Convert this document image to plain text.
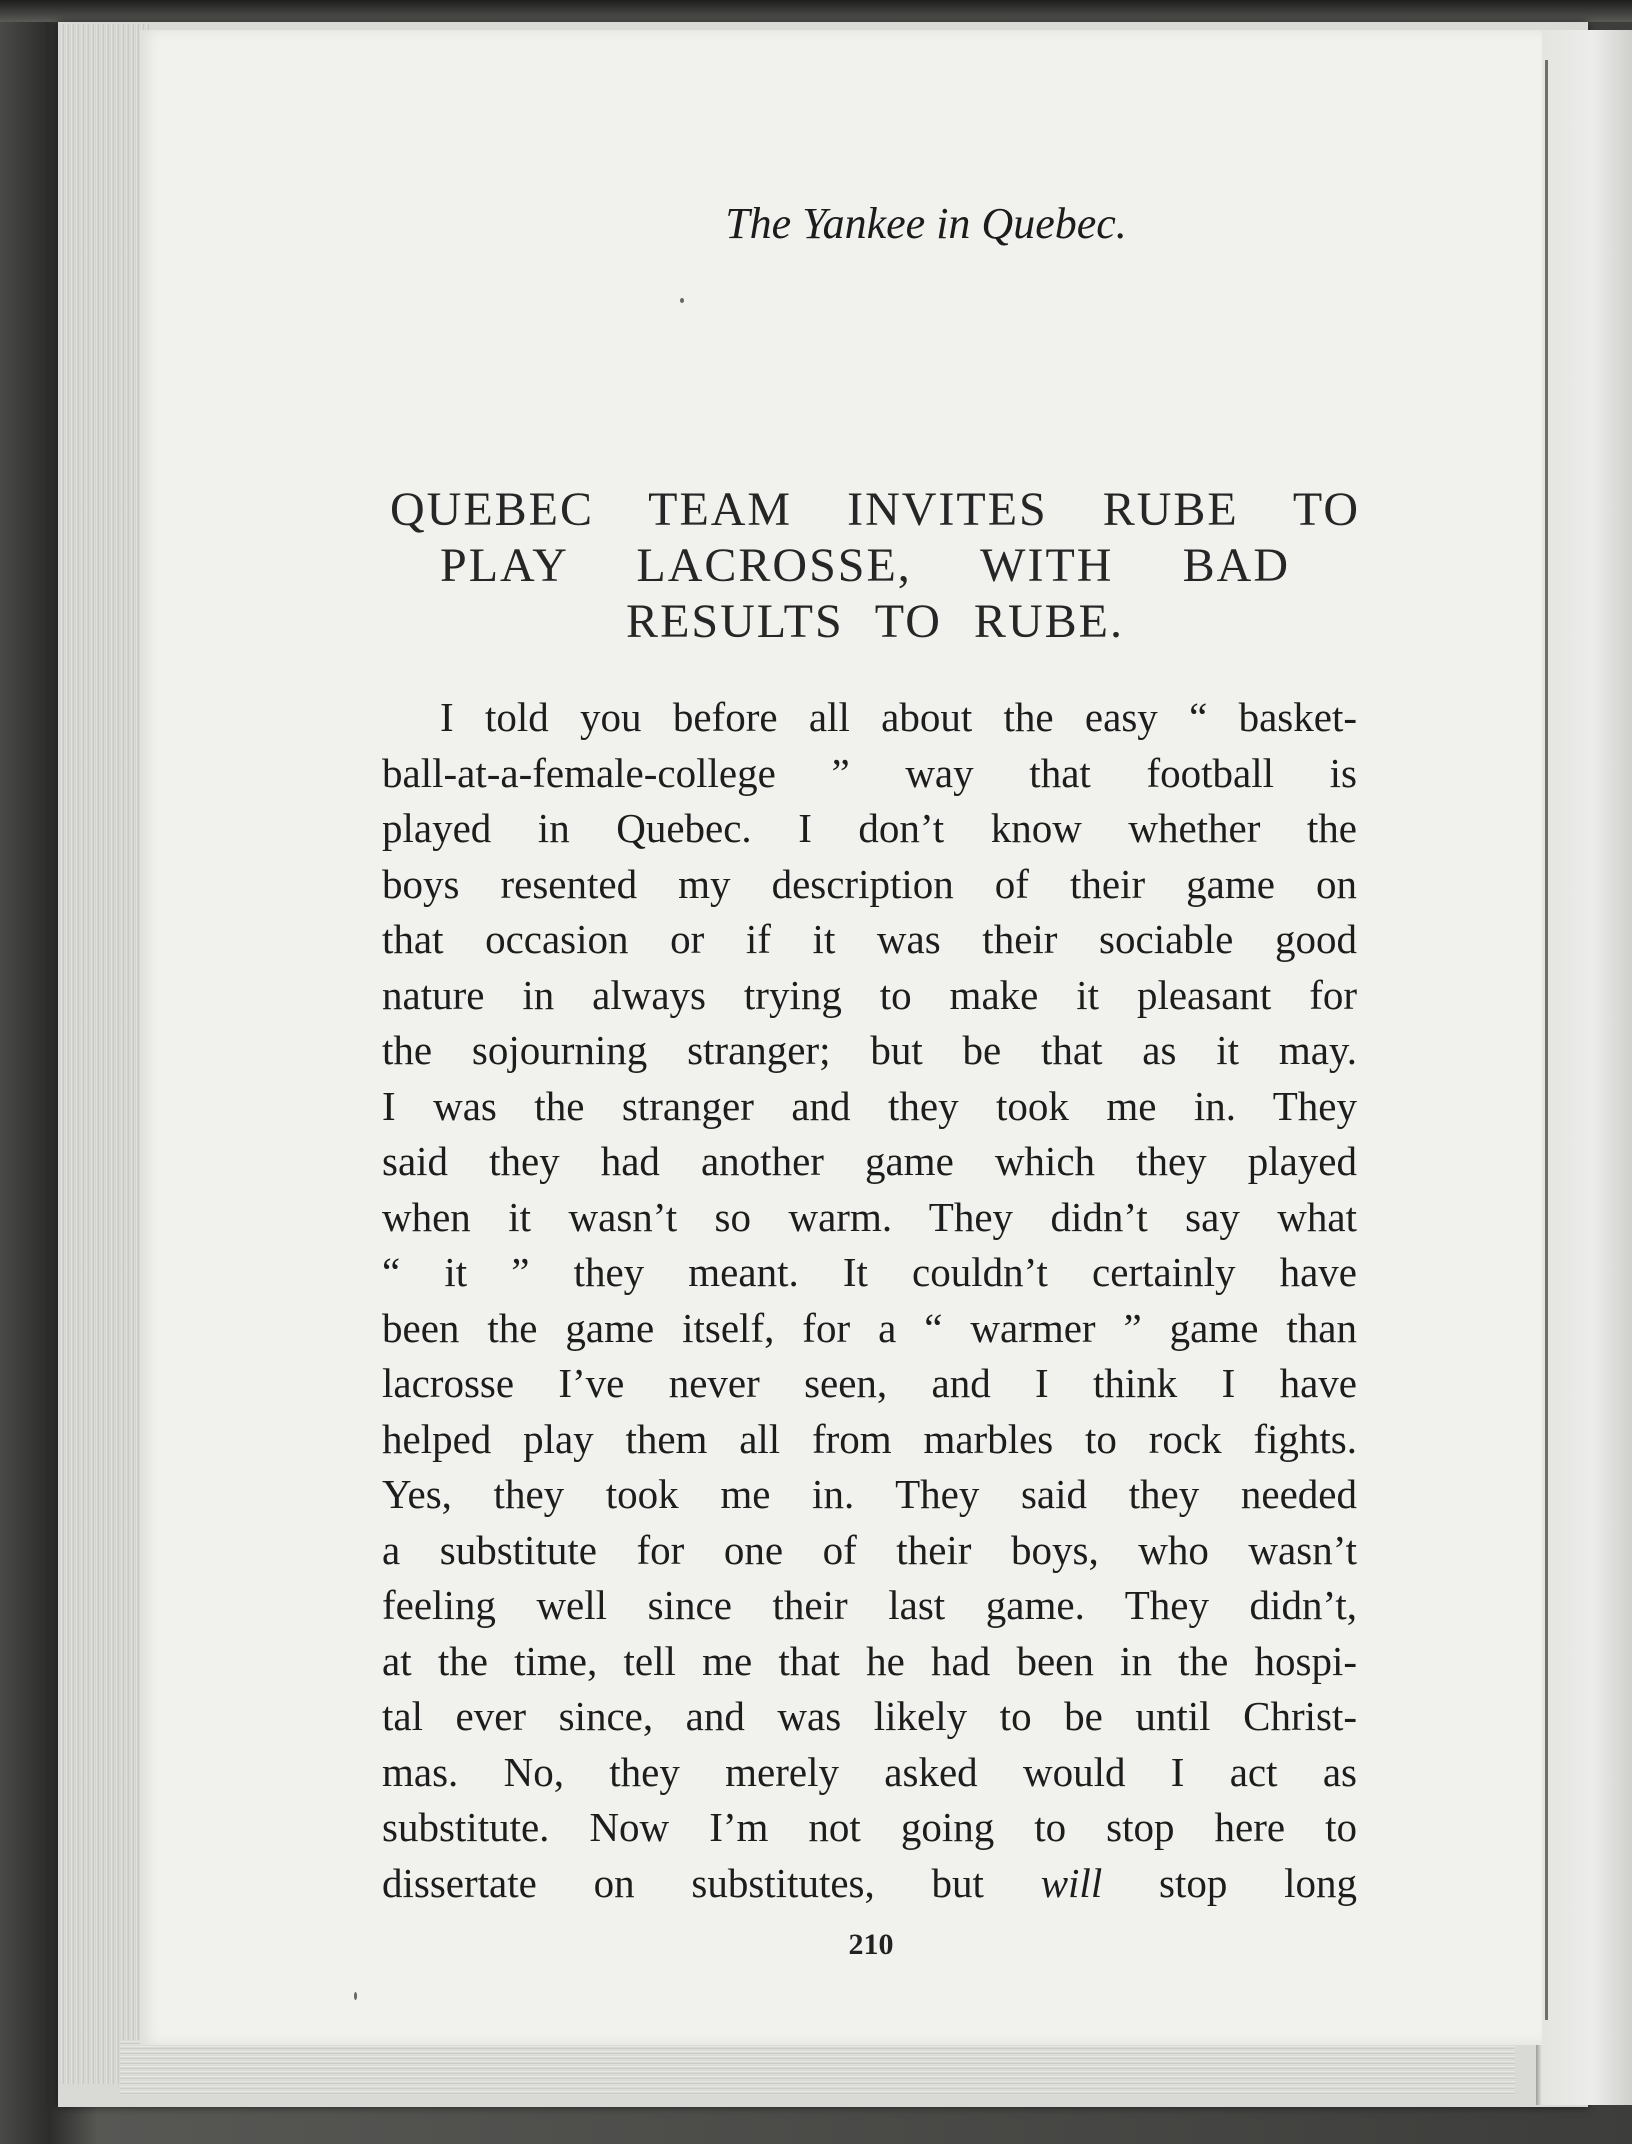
The Yankee in Quebec.
QUEBEC TEAM INVITES RUBE TO
PLAY LACROSSE, WITH BAD
RESULTS TO RUBE.
I told you before all about the easy “ basket-
ball-at-a-female-college ” way that football is
played in Quebec. I don’t know whether the
boys resented my description of their game on
that occasion or if it was their sociable good
nature in always trying to make it pleasant for
the sojourning stranger; but be that as it may.
I was the stranger and they took me in. They
said they had another game which they played
when it wasn’t so warm. They didn’t say what
“ it ” they meant. It couldn’t certainly have
been the game itself, for a “ warmer ” game than
lacrosse I’ve never seen, and I think I have
helped play them all from marbles to rock fights.
Yes, they took me in. They said they needed
a substitute for one of their boys, who wasn’t
feeling well since their last game. They didn’t,
at the time, tell me that he had been in the hospi-
tal ever since, and was likely to be until Christ-
mas. No, they merely asked would I act as
substitute. Now I’m not going to stop here to
dissertate on substitutes, but will stop long
210
